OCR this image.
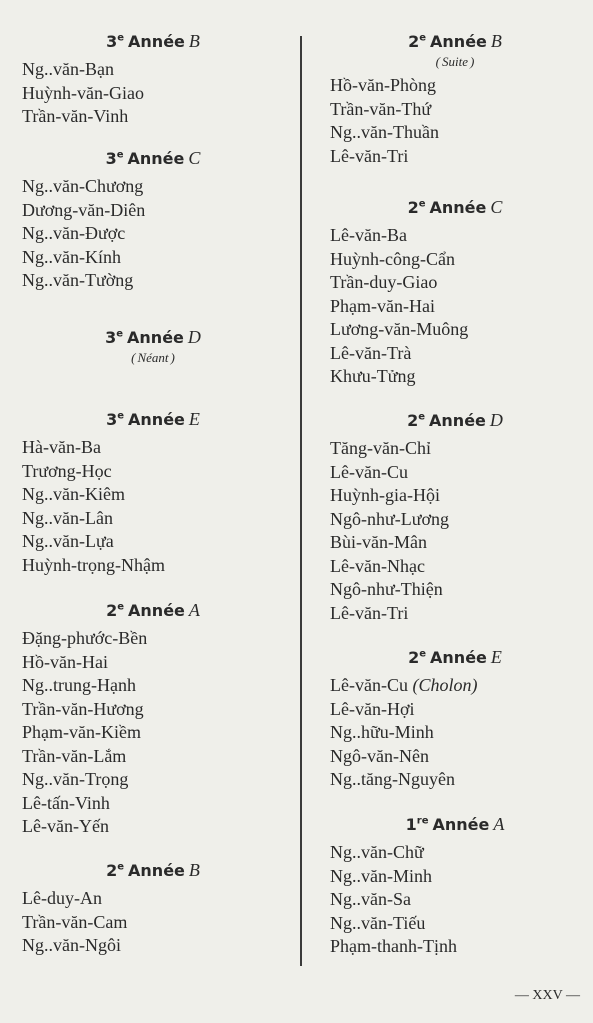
3e Année B
Ng..văn-Bạn
Huỳnh-văn-Giao
Trần-văn-Vinh
3e Année C
Ng..văn-Chương
Dương-văn-Diên
Ng..văn-Được
Ng..văn-Kính
Ng..văn-Tường
3e Année D
( Néant )
3e Année E
Hà-văn-Ba
Trương-Học
Ng..văn-Kiêm
Ng..văn-Lân
Ng..văn-Lựa
Huỳnh-trọng-Nhậm
2e Année A
Đặng-phước-Bền
Hồ-văn-Hai
Ng..trung-Hạnh
Trần-văn-Hương
Phạm-văn-Kiềm
Trần-văn-Lắm
Ng..văn-Trọng
Lê-tấn-Vinh
Lê-văn-Yến
2e Année B
Lê-duy-An
Trần-văn-Cam
Ng..văn-Ngôi
2e Année B
( Suite )
Hồ-văn-Phòng
Trần-văn-Thứ
Ng..văn-Thuần
Lê-văn-Tri
2e Année C
Lê-văn-Ba
Huỳnh-công-Cẩn
Trần-duy-Giao
Phạm-văn-Hai
Lương-văn-Muông
Lê-văn-Trà
Khưu-Tửng
2e Année D
Tăng-văn-Chỉ
Lê-văn-Cu
Huỳnh-gia-Hội
Ngô-như-Lương
Bùi-văn-Mân
Lê-văn-Nhạc
Ngô-như-Thiện
Lê-văn-Tri
2e Année E
Lê-văn-Cu (Cholon)
Lê-văn-Hợi
Ng..hữu-Minh
Ngô-văn-Nên
Ng..tăng-Nguyên
1re Année A
Ng..văn-Chữ
Ng..văn-Minh
Ng..văn-Sa
Ng..văn-Tiếu
Phạm-thanh-Tịnh
— XXV —
